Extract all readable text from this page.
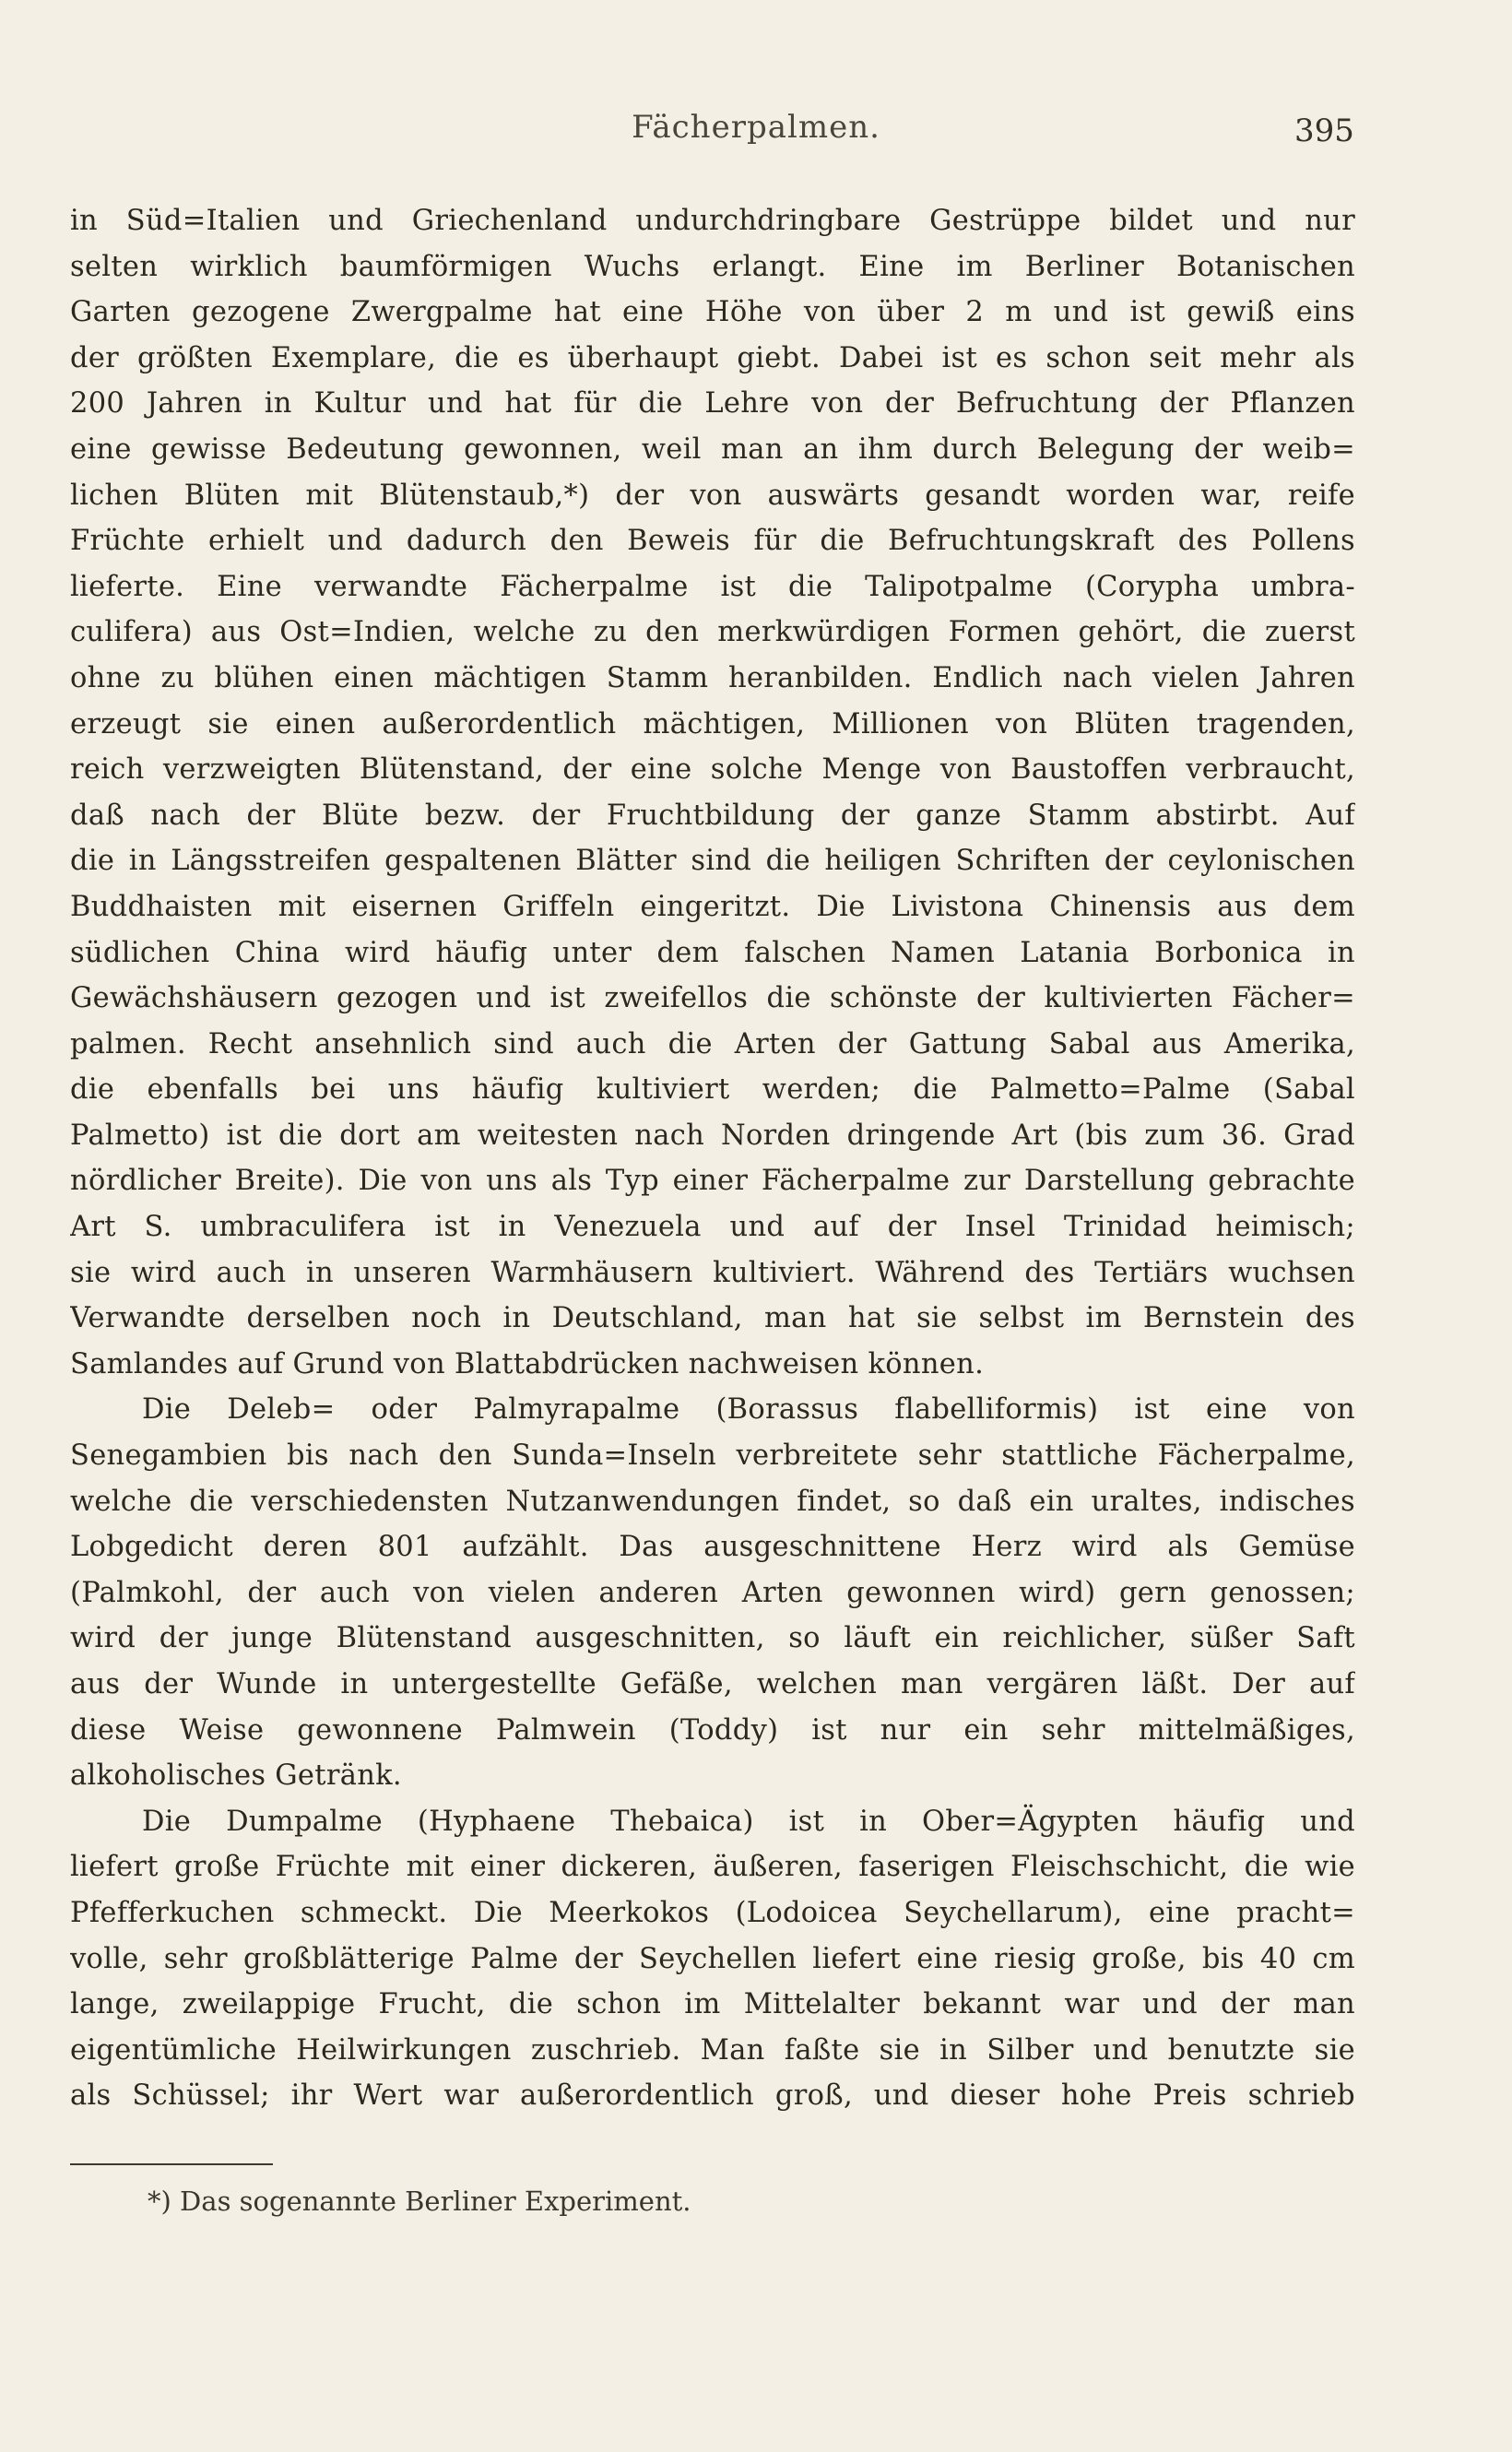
Fächerpalmen.	395
in Süd=Italien und Griechenland undurchdringbare Gestrüppe bildet und nur
selten wirklich baumförmigen Wuchs erlangt. Eine im Berliner Botanischen
Garten gezogene Zwergpalme hat eine Höhe von über 2 m und ist gewiß eins
der größten Exemplare, die es überhaupt giebt. Dabei ist es schon seit mehr als
200 Jahren in Kultur und hat für die Lehre von der Befruchtung der Pflanzen
eine gewisse Bedeutung gewonnen, weil man an ihm durch Belegung der weib=
lichen Blüten mit Blütenstaub,*) der von auswärts gesandt worden war, reife
Früchte erhielt und dadurch den Beweis für die Befruchtungskraft des Pollens
lieferte. Eine verwandte Fächerpalme ist die Talipotpalme (Corypha umbra-
culifera) aus Ost=Indien, welche zu den merkwürdigen Formen gehört, die zuerst
ohne zu blühen einen mächtigen Stamm heranbilden. Endlich nach vielen Jahren
erzeugt sie einen außerordentlich mächtigen, Millionen von Blüten tragenden,
reich verzweigten Blütenstand, der eine solche Menge von Baustoffen verbraucht,
daß nach der Blüte bezw. der Fruchtbildung der ganze Stamm abstirbt. Auf
die in Längsstreifen gespaltenen Blätter sind die heiligen Schriften der ceylonischen
Buddhaisten mit eisernen Griffeln eingeritzt. Die Livistona Chinensis aus dem
südlichen China wird häufig unter dem falschen Namen Latania Borbonica in
Gewächshäusern gezogen und ist zweifellos die schönste der kultivierten Fächer=
palmen. Recht ansehnlich sind auch die Arten der Gattung Sabal aus Amerika,
die ebenfalls bei uns häufig kultiviert werden; die Palmetto=Palme (Sabal
Palmetto) ist die dort am weitesten nach Norden dringende Art (bis zum 36. Grad
nördlicher Breite). Die von uns als Typ einer Fächerpalme zur Darstellung gebrachte
Art S. umbraculifera ist in Venezuela und auf der Insel Trinidad heimisch;
sie wird auch in unseren Warmhäusern kultiviert. Während des Tertiärs wuchsen
Verwandte derselben noch in Deutschland, man hat sie selbst im Bernstein des
Samlandes auf Grund von Blattabdrücken nachweisen können.
Die Deleb= oder Palmyrapalme (Borassus flabelliformis) ist eine von
Senegambien bis nach den Sunda=Inseln verbreitete sehr stattliche Fächerpalme,
welche die verschiedensten Nutzanwendungen findet, so daß ein uraltes, indisches
Lobgedicht deren 801 aufzählt. Das ausgeschnittene Herz wird als Gemüse
(Palmkohl, der auch von vielen anderen Arten gewonnen wird) gern genossen;
wird der junge Blütenstand ausgeschnitten, so läuft ein reichlicher, süßer Saft
aus der Wunde in untergestellte Gefäße, welchen man vergären läßt. Der auf
diese Weise gewonnene Palmwein (Toddy) ist nur ein sehr mittelmäßiges,
alkoholisches Getränk.
Die Dumpalme (Hyphaene Thebaica) ist in Ober=Ägypten häufig und
liefert große Früchte mit einer dickeren, äußeren, faserigen Fleischschicht, die wie
Pfefferkuchen schmeckt. Die Meerkokos (Lodoicea Seychellarum), eine pracht=
volle, sehr großblätterige Palme der Seychellen liefert eine riesig große, bis 40 cm
lange, zweilappige Frucht, die schon im Mittelalter bekannt war und der man
eigentümliche Heilwirkungen zuschrieb. Man faßte sie in Silber und benutzte sie
als Schüssel; ihr Wert war außerordentlich groß, und dieser hohe Preis schrieb
*) Das sogenannte Berliner Experiment.
